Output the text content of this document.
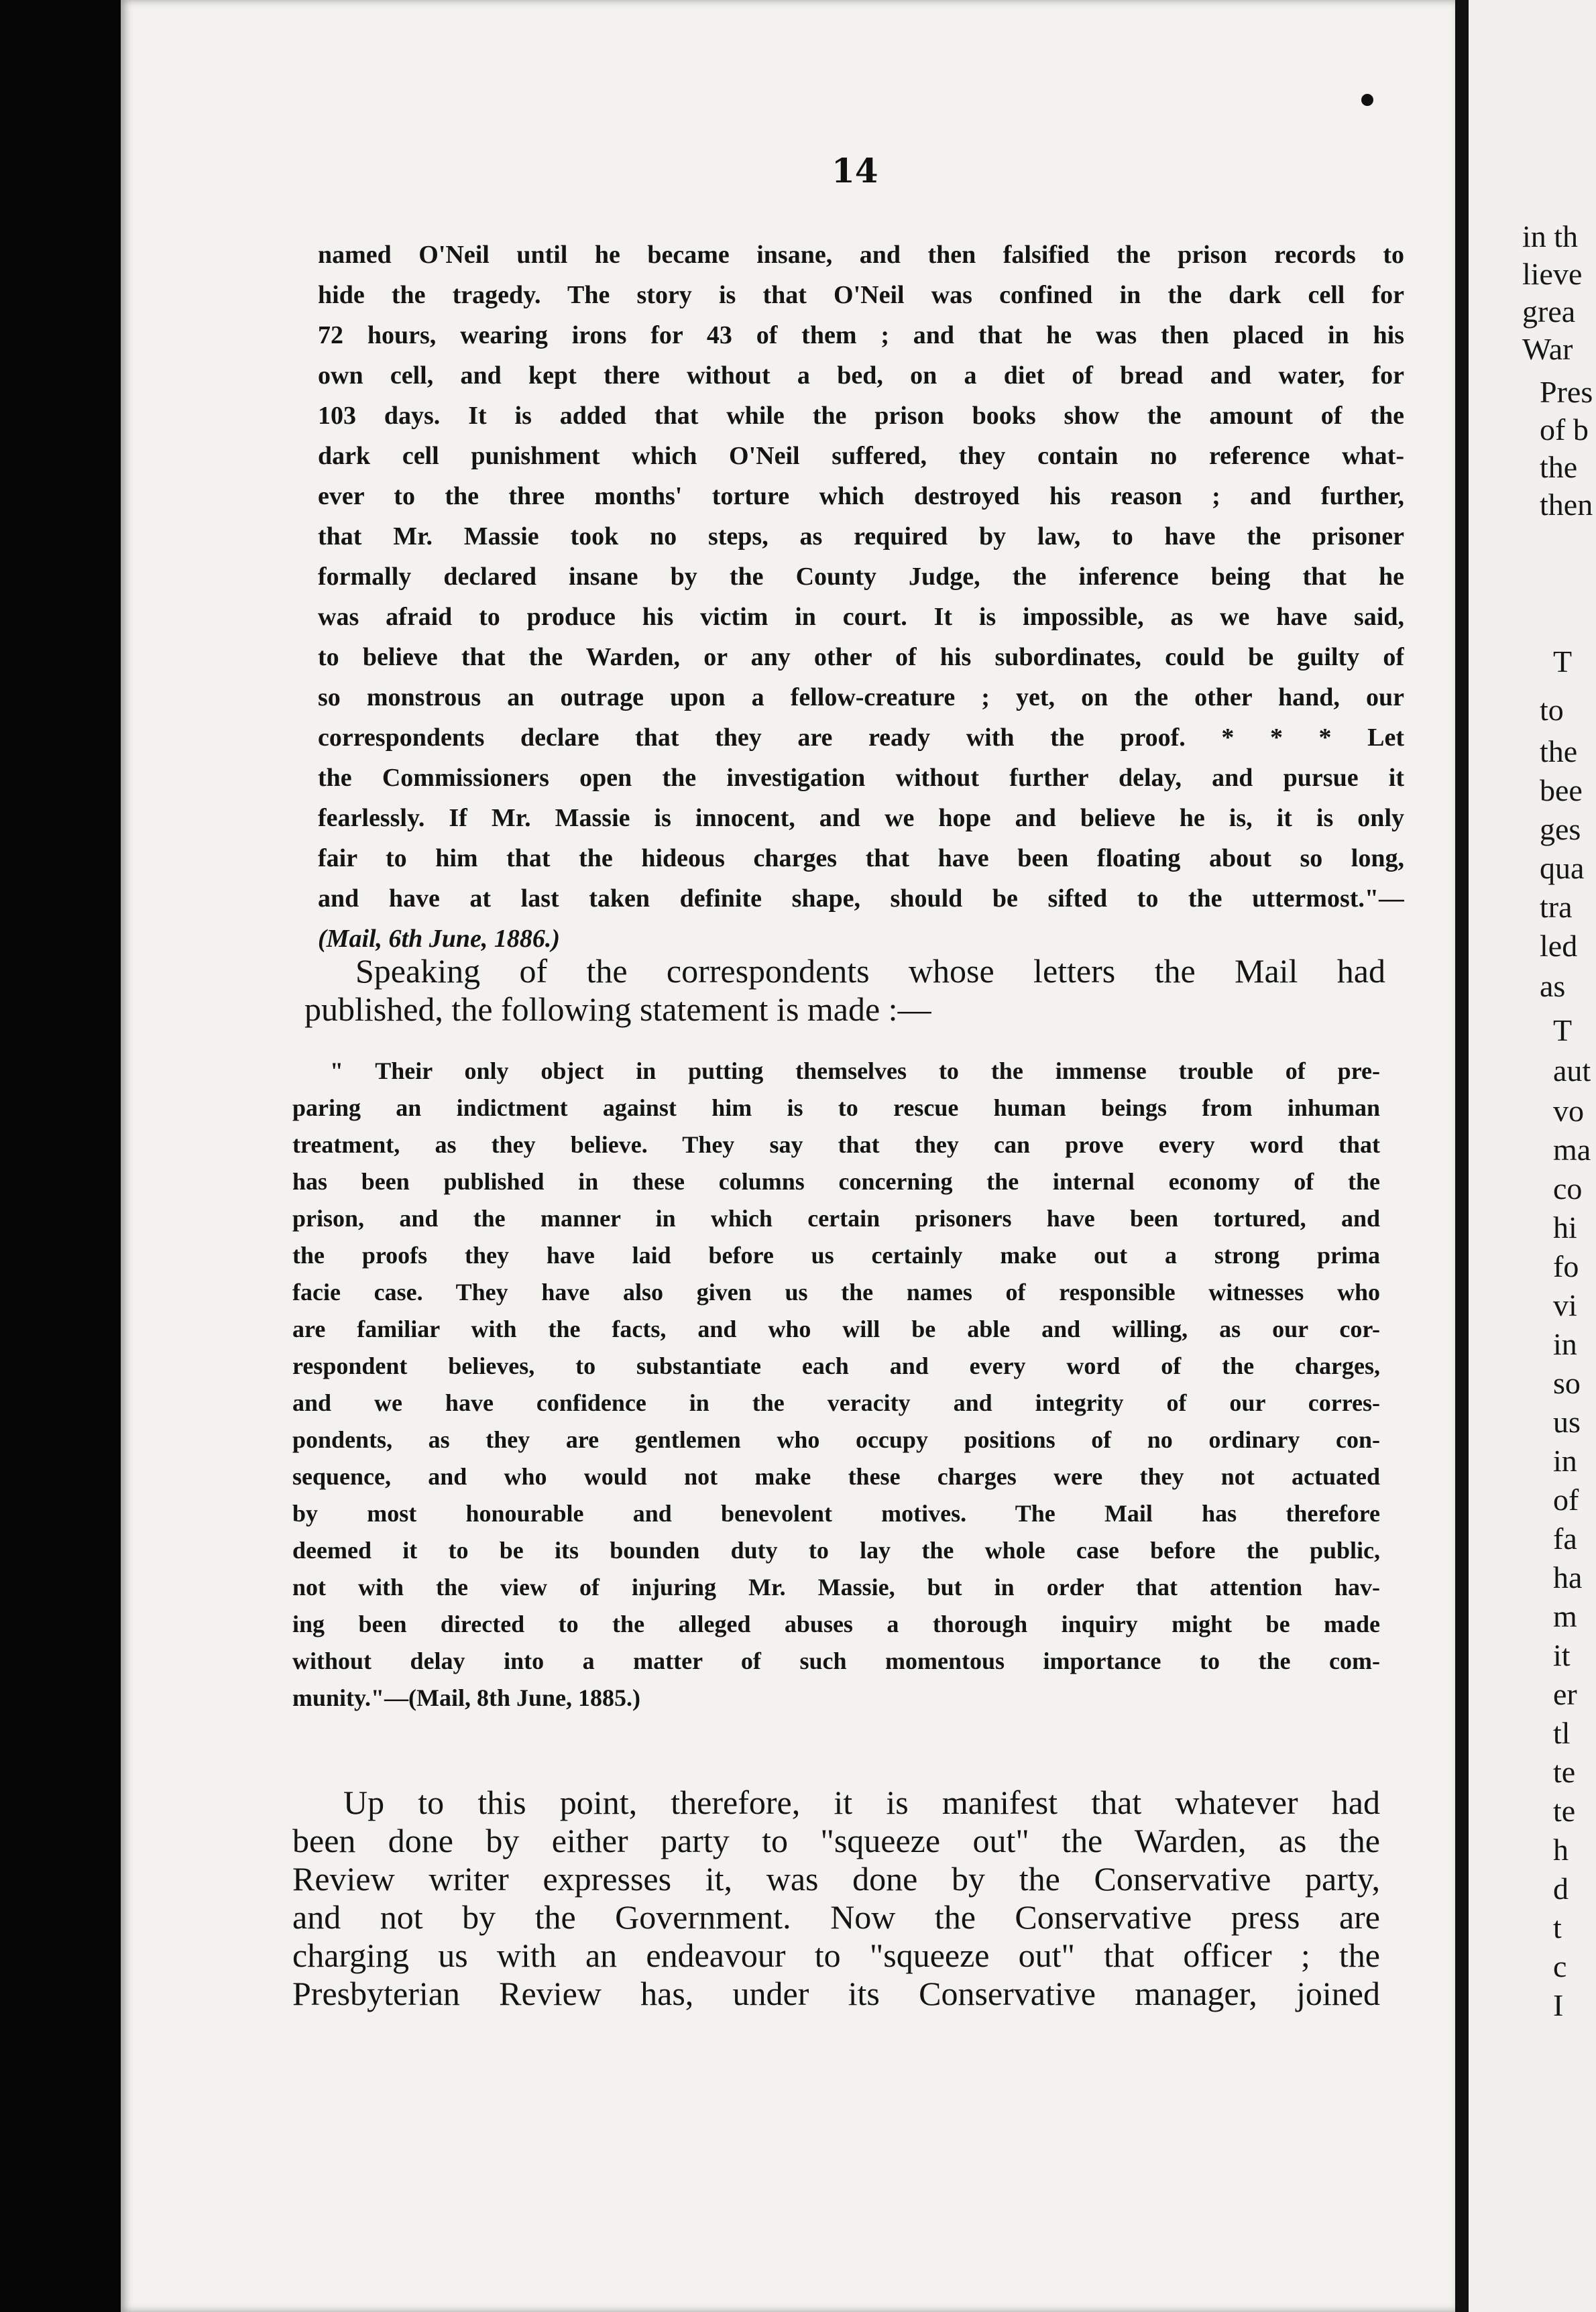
14
named O'Neil until he became insane, and then falsified the prison records to
hide the tragedy. The story is that O'Neil was confined in the dark cell for
72 hours, wearing irons for 43 of them ; and that he was then placed in his
own cell, and kept there without a bed, on a diet of bread and water, for
103 days. It is added that while the prison books show the amount of the
dark cell punishment which O'Neil suffered, they contain no reference what-
ever to the three months' torture which destroyed his reason ; and further,
that Mr. Massie took no steps, as required by law, to have the prisoner
formally declared insane by the County Judge, the inference being that he
was afraid to produce his victim in court. It is impossible, as we have said,
to believe that the Warden, or any other of his subordinates, could be guilty of
so monstrous an outrage upon a fellow-creature ; yet, on the other hand, our
correspondents declare that they are ready with the proof. * * * Let
the Commissioners open the investigation without further delay, and pursue it
fearlessly. If Mr. Massie is innocent, and we hope and believe he is, it is only
fair to him that the hideous charges that have been floating about so long,
and have at last taken definite shape, should be sifted to the uttermost."—
(Mail, 6th June, 1886.)
Speaking of the correspondents whose letters the Mail had
published, the following statement is made :—
" Their only object in putting themselves to the immense trouble of pre-
paring an indictment against him is to rescue human beings from inhuman
treatment, as they believe. They say that they can prove every word that
has been published in these columns concerning the internal economy of the
prison, and the manner in which certain prisoners have been tortured, and
the proofs they have laid before us certainly make out a strong prima
facie case. They have also given us the names of responsible witnesses who
are familiar with the facts, and who will be able and willing, as our cor-
respondent believes, to substantiate each and every word of the charges,
and we have confidence in the veracity and integrity of our corres-
pondents, as they are gentlemen who occupy positions of no ordinary con-
sequence, and who would not make these charges were they not actuated
by most honourable and benevolent motives. The Mail has therefore
deemed it to be its bounden duty to lay the whole case before the public,
not with the view of injuring Mr. Massie, but in order that attention hav-
ing been directed to the alleged abuses a thorough inquiry might be made
without delay into a matter of such momentous importance to the com-
munity."—(Mail, 8th June, 1885.)
Up to this point, therefore, it is manifest that whatever had
been done by either party to "squeeze out" the Warden, as the
Review writer expresses it, was done by the Conservative party,
and not by the Government. Now the Conservative press are
charging us with an endeavour to "squeeze out" that officer ; the
Presbyterian Review has, under its Conservative manager, joined
in th
lieve
grea
War
Pres
of b
the
then
T
to
the
bee
ges
qua
tra
led
as
T
aut
vo
ma
co
hi
fo
vi
in
so
us
in
of
fa
ha
m
it
er
tl
te
te
h
d
t
c
I
